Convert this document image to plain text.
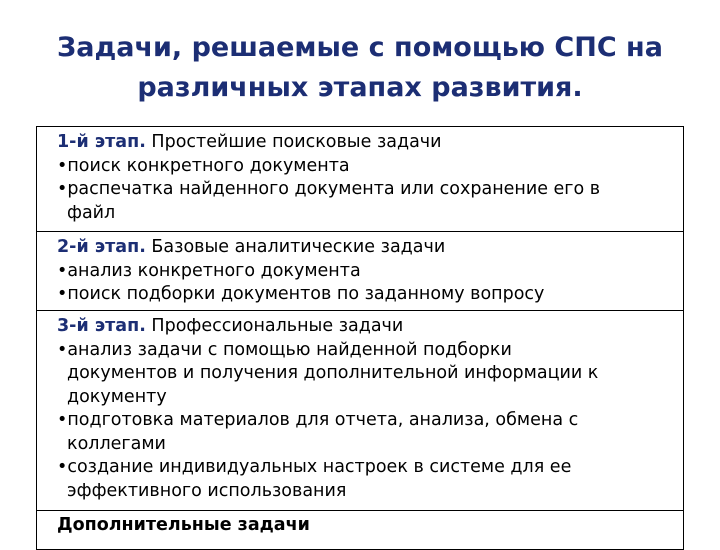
Задачи, решаемые с помощью СПС на
различных этапах развития.
1-й этап. Простейшие поисковые задачи
•поиск конкретного документа
•распечатка найденного документа или сохранение его в
файл
2-й этап. Базовые аналитические задачи
•анализ конкретного документа
•поиск подборки документов по заданному вопросу
3-й этап. Профессиональные задачи
•анализ задачи с помощью найденной подборки
документов и получения дополнительной информации к
документу
•подготовка материалов для отчета, анализа, обмена с
коллегами
•создание индивидуальных настроек в системе для ее
эффективного использования
Дополнительные задачи
